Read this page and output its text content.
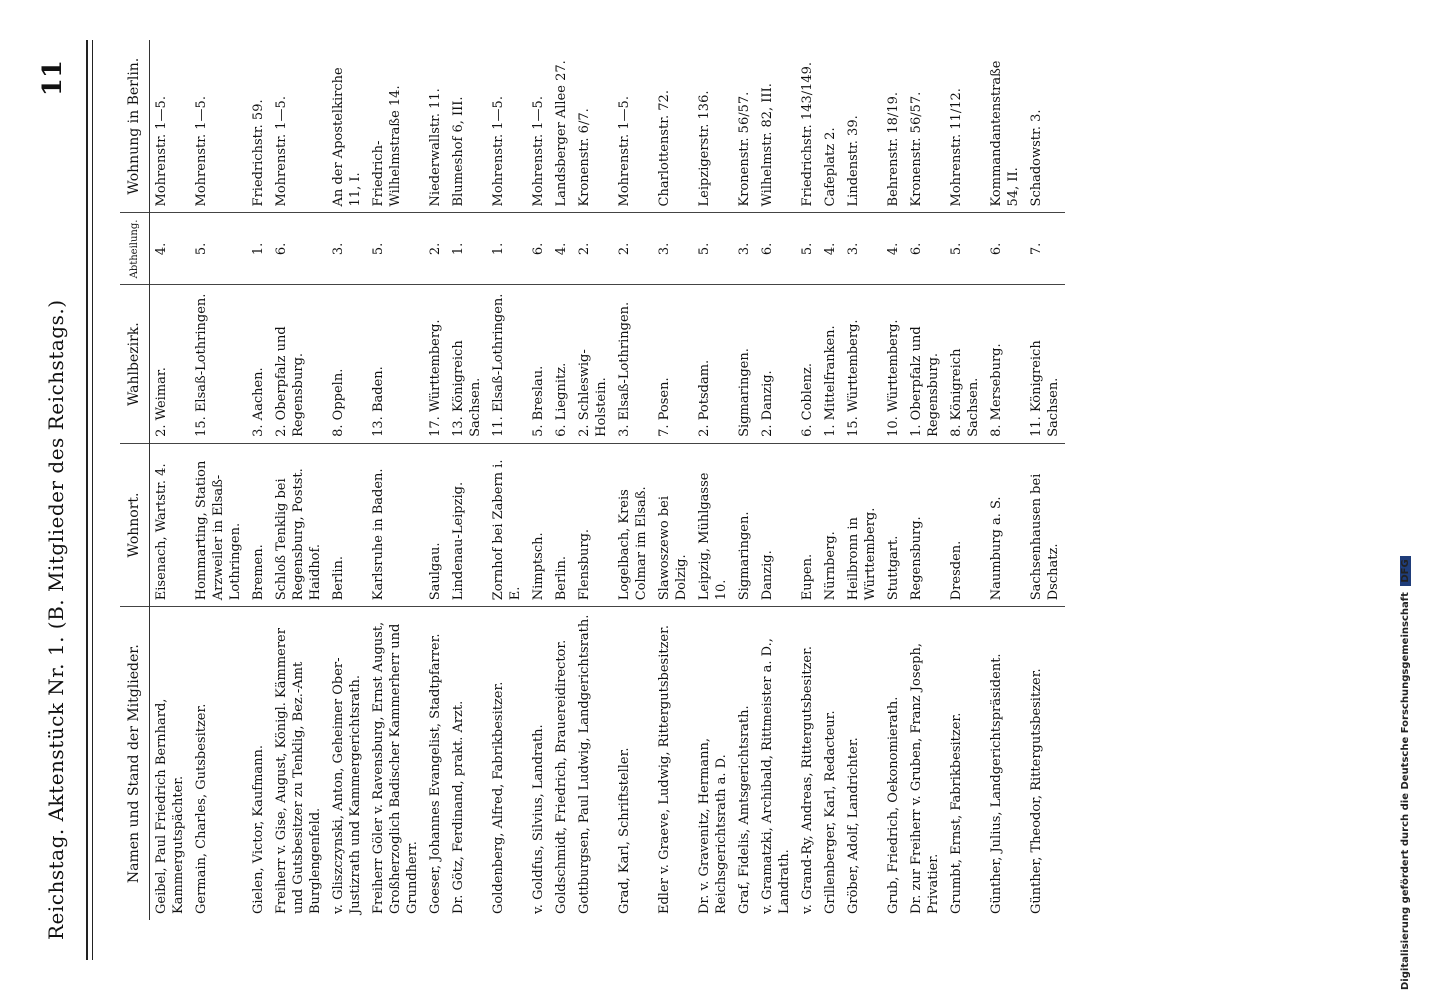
Reichstag. Aktenstück Nr. 1. (B. Mitglieder des Reichstags.)
11
Namen und Stand der Mitglieder.	Wohnort.	Wahlbezirk.	Abtheilung.	Wohnung in Berlin.
Geibel, Paul Friedrich Bernhard, Kammergutspächter.	Eisenach, Wartstr. 4.	2. Weimar.	4.	Mohrenstr. 1—5.
Germain, Charles, Gutsbesitzer.	Hommarting, Station Arzweiler in Elsaß-Lothringen.	15. Elsaß-Lothringen.	5.	Mohrenstr. 1—5.
Gielen, Victor, Kaufmann.	Bremen.	3. Aachen.	1.	Friedrichstr. 59.
Freiherr v. Gise, August, Königl. Kämmerer und Gutsbesitzer zu Tenklig, Bez.-Amt Burglengenfeld.	Schloß Tenklig bei Regensburg, Postst. Haidhof.	2. Oberpfalz und Regensburg.	6.	Mohrenstr. 1—5.
v. Gliszczynski, Anton, Geheimer Ober-Justizrath und Kammergerichtsrath.	Berlin.	8. Oppeln.	3.	An der Apostelkirche 11, I.
Freiherr Göler v. Ravensburg, Ernst August, Großherzoglich Badischer Kammerherr und Grundherr.	Karlsruhe in Baden.	13. Baden.	5.	Friedrich-Wilhelmstraße 14.
Goeser, Johannes Evangelist, Stadtpfarrer.	Saulgau.	17. Württemberg.	2.	Niederwallstr. 11.
Dr. Götz, Ferdinand, prakt. Arzt.	Lindenau-Leipzig.	13. Königreich Sachsen.	1.	Blumeshof 6, III.
Goldenberg, Alfred, Fabrikbesitzer.	Zornhof bei Zabern i. E.	11. Elsaß-Lothringen.	1.	Mohrenstr. 1—5.
v. Goldfus, Silvius, Landrath.	Nimptsch.	5. Breslau.	6.	Mohrenstr. 1—5.
Goldschmidt, Friedrich, Brauereidirector.	Berlin.	6. Liegnitz.	4.	Landsberger Allee 27.
Gottburgsen, Paul Ludwig, Landgerichtsrath.	Flensburg.	2. Schleswig-Holstein.	2.	Kronenstr. 6/7.
Grad, Karl, Schriftsteller.	Logelbach, Kreis Colmar im Elsaß.	3. Elsaß-Lothringen.	2.	Mohrenstr. 1—5.
Edler v. Graeve, Ludwig, Rittergutsbesitzer.	Slawoszewo bei Dolzig.	7. Posen.	3.	Charlottenstr. 72.
Dr. v. Gravenitz, Hermann, Reichsgerichtsrath a. D.	Leipzig, Mühlgasse 10.	2. Potsdam.	5.	Leipzigerstr. 136.
Graf, Fidelis, Amtsgerichtsrath.	Sigmaringen.	Sigmaringen.	3.	Kronenstr. 56/57.
v. Gramatzki, Archibald, Rittmeister a. D., Landrath.	Danzig.	2. Danzig.	6.	Wilhelmstr. 82, III.
v. Grand-Ry, Andreas, Rittergutsbesitzer.	Eupen.	6. Coblenz.	5.	Friedrichstr. 143/149.
Grillenberger, Karl, Redacteur.	Nürnberg.	1. Mittelfranken.	4.	Cafeplatz 2.
Gröber, Adolf, Landrichter.	Heilbronn in Württemberg.	15. Württemberg.	3.	Lindenstr. 39.
Grub, Friedrich, Oekonomierath.	Stuttgart.	10. Württemberg.	4.	Behrenstr. 18/19.
Dr. zur Freiherr v. Gruben, Franz Joseph, Privatier.	Regensburg.	1. Oberpfalz und Regensburg.	6.	Kronenstr. 56/57.
Grumbt, Ernst, Fabrikbesitzer.	Dresden.	8. Königreich Sachsen.	5.	Mohrenstr. 11/12.
Günther, Julius, Landgerichtspräsident.	Naumburg a. S.	8. Merseburg.	6.	Kommandantenstraße 54, II.
Günther, Theodor, Rittergutsbesitzer.	Sachsenhausen bei Dschatz.	11. Königreich Sachsen.	7.	Schadowstr. 3.
Digitalisierung gefördert durch die Deutsche Forschungsgemeinschaft DFG
